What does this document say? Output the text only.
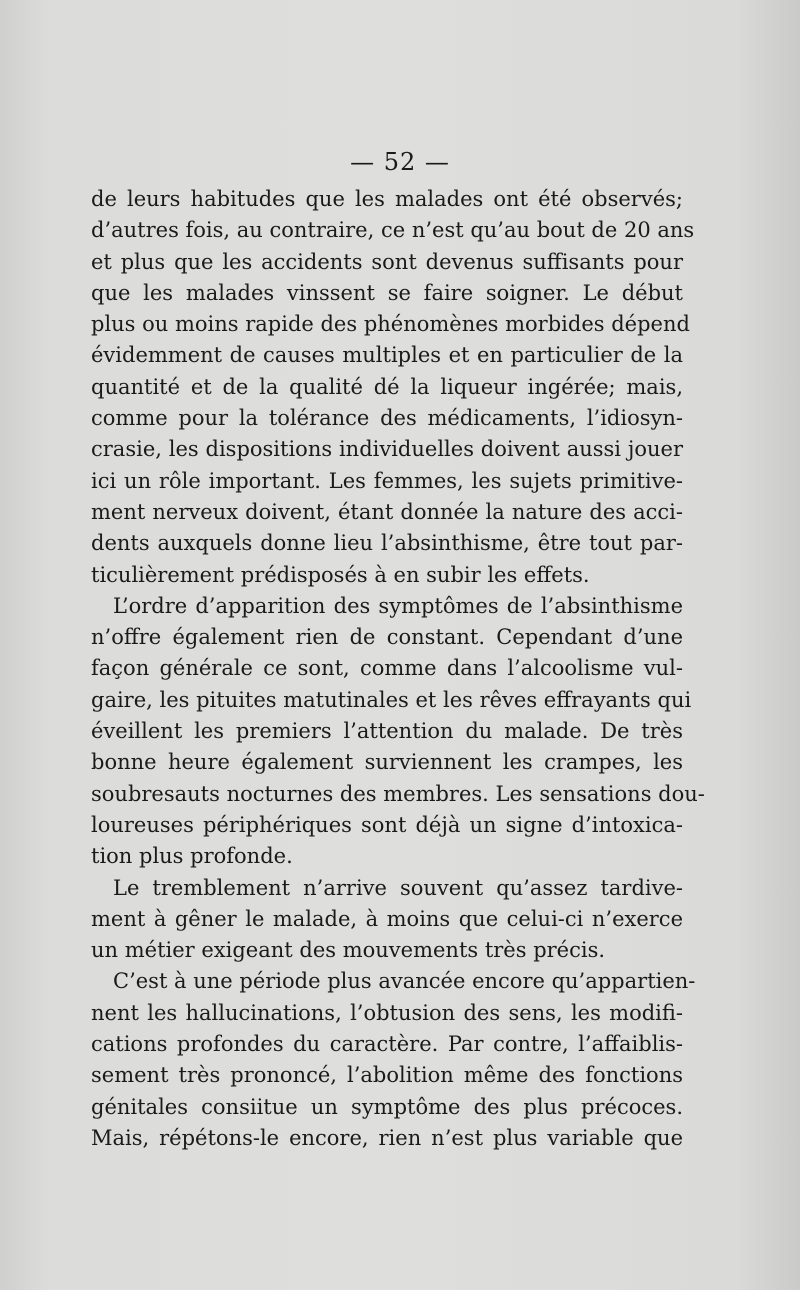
— 52 —
de leurs habitudes que les malades ont été observés;
d’autres fois, au contraire, ce n’est qu’au bout de 20 ans
et plus que les accidents sont devenus suffisants pour
que les malades vinssent se faire soigner. Le début
plus ou moins rapide des phénomènes morbides dépend
évidemment de causes multiples et en particulier de la
quantité et de la qualité dé la liqueur ingérée; mais,
comme pour la tolérance des médicaments, l’idiosyn-
crasie, les dispositions individuelles doivent aussi jouer
ici un rôle important. Les femmes, les sujets primitive-
ment nerveux doivent, étant donnée la nature des acci-
dents auxquels donne lieu l’absinthisme, être tout par-
ticulièrement prédisposés à en subir les effets.
L’ordre d’apparition des symptômes de l’absinthisme
n’offre également rien de constant. Cependant d’une
façon générale ce sont, comme dans l’alcoolisme vul-
gaire, les pituites matutinales et les rêves effrayants qui
éveillent les premiers l’attention du malade. De très
bonne heure également surviennent les crampes, les
soubresauts nocturnes des membres. Les sensations dou-
loureuses périphériques sont déjà un signe d’intoxica-
tion plus profonde.
Le tremblement n’arrive souvent qu’assez tardive-
ment à gêner le malade, à moins que celui-ci n’exerce
un métier exigeant des mouvements très précis.
C’est à une période plus avancée encore qu’appartien-
nent les hallucinations, l’obtusion des sens, les modifi-
cations profondes du caractère. Par contre, l’affaiblis-
sement très prononcé, l’abolition même des fonctions
génitales consiitue un symptôme des plus précoces.
Mais, répétons-le encore, rien n’est plus variable que
